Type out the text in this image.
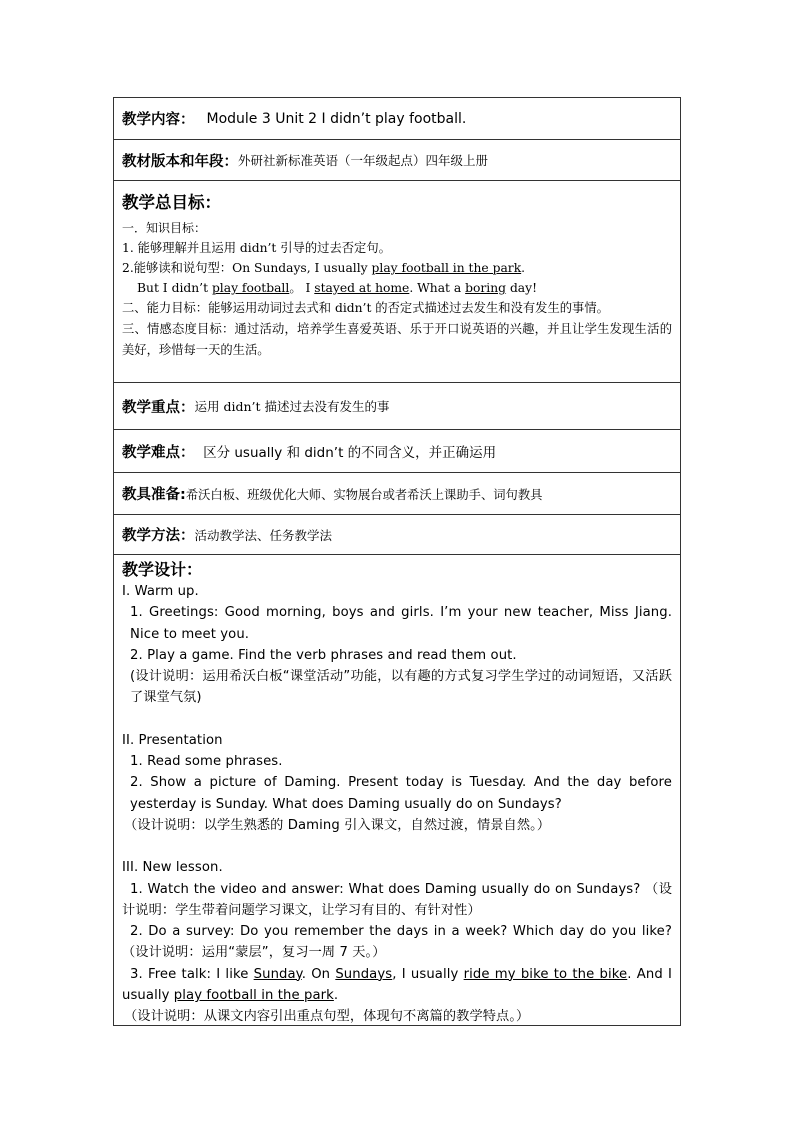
教学内容： Module 3 Unit 2 I didn’t play football.
教材版本和年段： 外研社新标准英语（一年级起点）四年级上册
教学总目标：
一．知识目标：
1. 能够理解并且运用 didn’t 引导的过去否定句。
2.能够读和说句型：On Sundays, I usually play football in the park.
But I didn’t play football。 I stayed at home. What a boring day!
二、能力目标：能够运用动词过去式和 didn’t 的否定式描述过去发生和没有发生的事情。
三、情感态度目标：通过活动，培养学生喜爱英语、乐于开口说英语的兴趣，并且让学生发现生活的美好，珍惜每一天的生活。
教学重点： 运用 didn’t 描述过去没有发生的事
教学难点： 区分 usually 和 didn’t 的不同含义，并正确运用
教具准备: 希沃白板、班级优化大师、实物展台或者希沃上课助手、词句教具
教学方法： 活动教学法、任务教学法

教学设计：

I. Warm up.

1. Greetings: Good morning, boys and girls. I’m your new teacher, Miss Jiang. Nice to meet you.

2. Play a game. Find the verb phrases and read them out.

(设计说明：运用希沃白板“课堂活动”功能，以有趣的方式复习学生学过的动词短语，又活跃了课堂气氛)

II. Presentation

1. Read some phrases.

2. Show a picture of Daming. Present today is Tuesday. And the day before yesterday is Sunday. What does Daming usually do on Sundays?

（设计说明：以学生熟悉的 Daming 引入课文，自然过渡，情景自然。）

III. New lesson.

1. Watch the video and answer: What does Daming usually do on Sundays? （设计说明：学生带着问题学习课文，让学习有目的、有针对性）

2. Do a survey: Do you remember the days in a week? Which day do you like? （设计说明：运用“蒙层”，复习一周 7 天。）

3. Free talk: I like Sunday. On Sundays, I usually ride my bike to the bike. And I usually play football in the park.

（设计说明：从课文内容引出重点句型，体现句不离篇的教学特点。）
